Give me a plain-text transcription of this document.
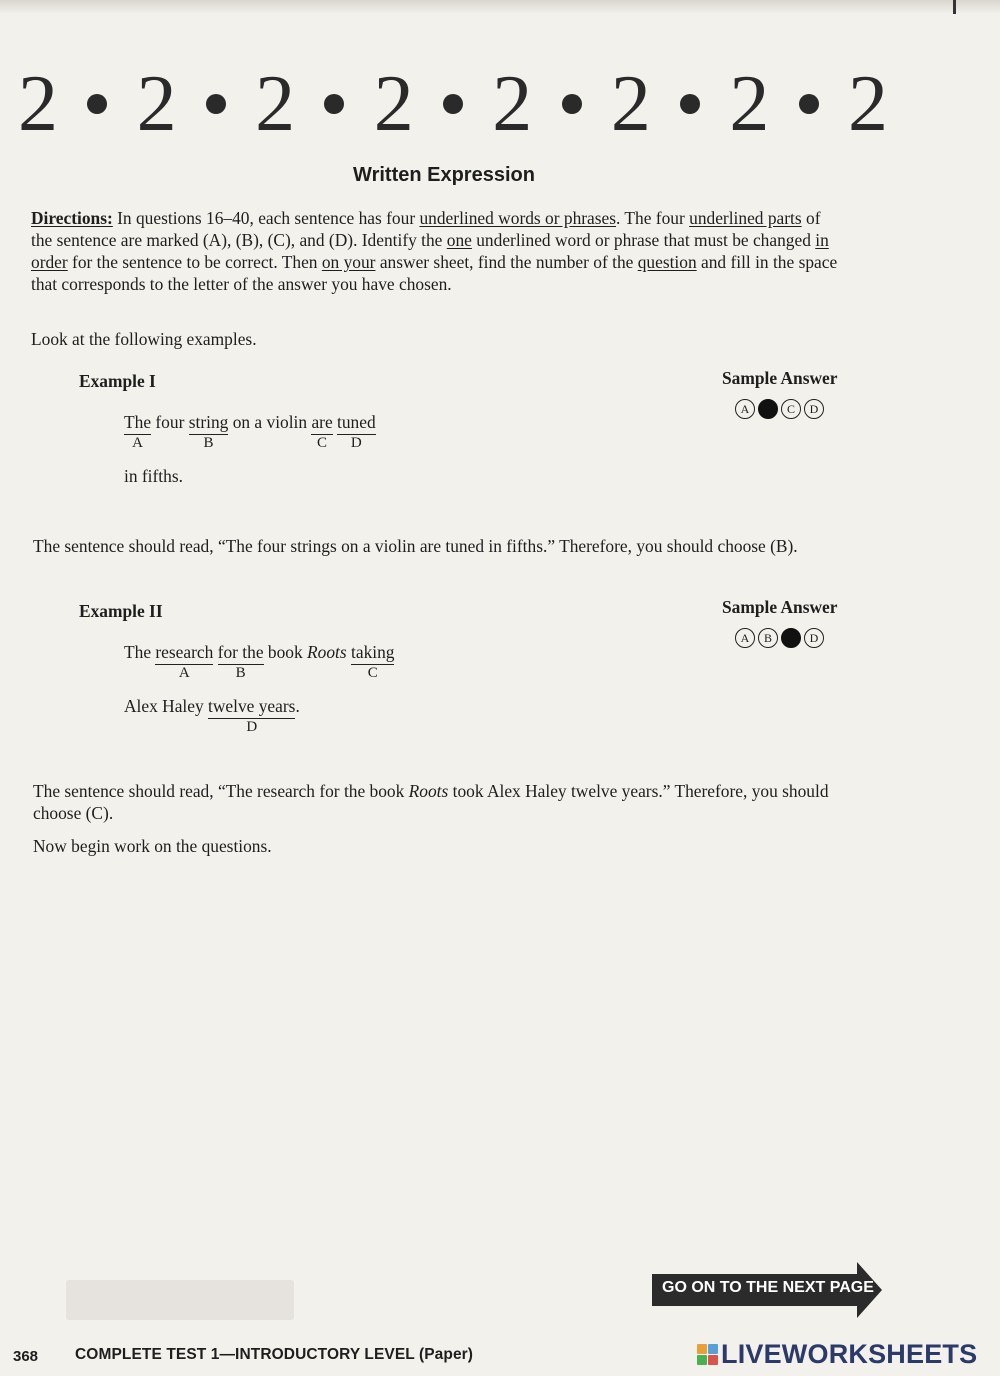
2 2 2 2 2 2 2 2
Written Expression
Directions: In questions 16–40, each sentence has four underlined words or phrases. The four underlined parts of the sentence are marked (A), (B), (C), and (D). Identify the one underlined word or phrase that must be changed in order for the sentence to be correct. Then on your answer sheet, find the number of the question and fill in the space that corresponds to the letter of the answer you have chosen.
Look at the following examples.
Example I	Sample Answer
A	C	D
The
A
four string
B
on a violin are
C
tuned
D
in fifths.
The sentence should read, “The four strings on a violin are tuned in fifths.” Therefore, you should choose (B).
Example II	Sample Answer
A	B	D
The research
A
for the
B
book Roots taking
C
Alex Haley twelve years
D
.
The sentence should read, “The research for the book Roots took Alex Haley twelve years.” Therefore, you should choose (C).
Now begin work on the questions.
GO ON TO THE NEXT PAGE
368 COMPLETE TEST 1—INTRODUCTORY LEVEL (Paper)	LIVEWORKSHEETS
